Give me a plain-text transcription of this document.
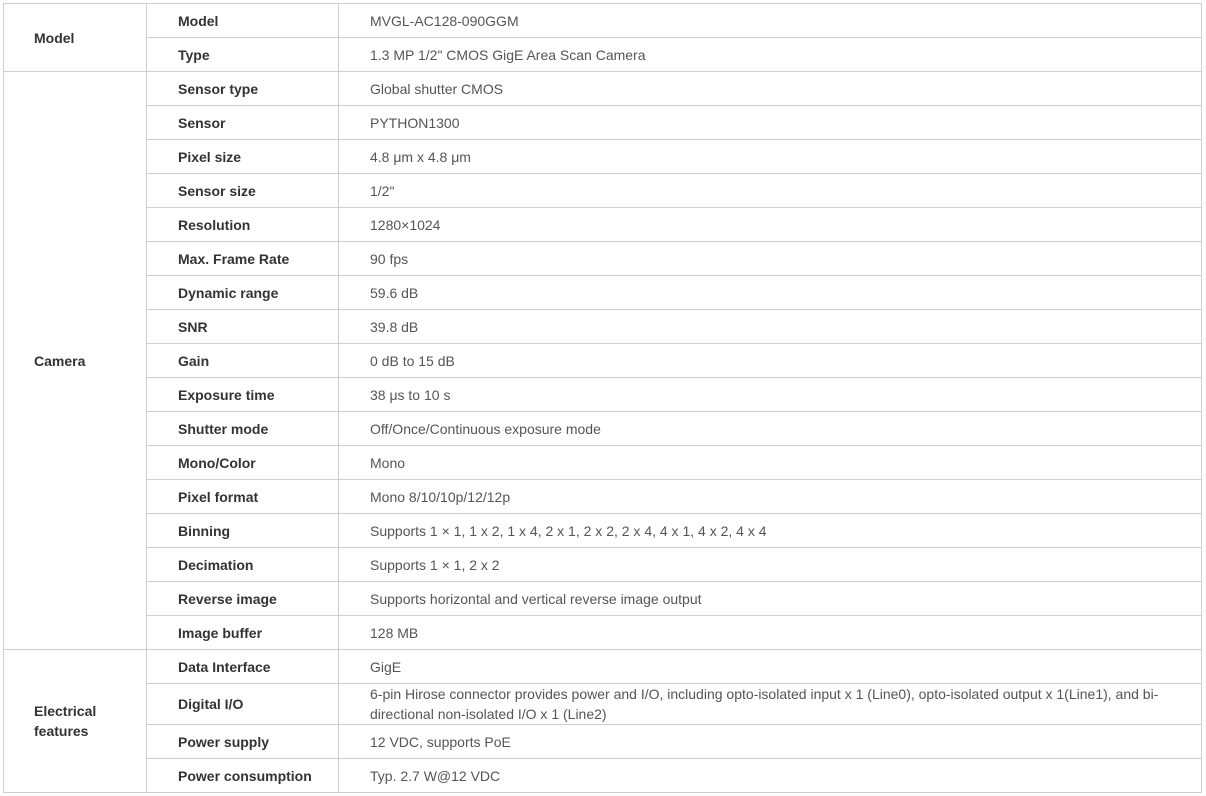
Model	Model	MVGL-AC128-090GGM
	Type	1.3 MP 1/2" CMOS GigE Area Scan Camera
Camera	Sensor type	Global shutter CMOS
	Sensor	PYTHON1300
	Pixel size	4.8 μm x 4.8 μm
	Sensor size	1/2"
	Resolution	1280×1024
	Max. Frame Rate	90 fps
	Dynamic range	59.6 dB
	SNR	39.8 dB
	Gain	0 dB to 15 dB
	Exposure time	38 μs to 10 s
	Shutter mode	Off/Once/Continuous exposure mode
	Mono/Color	Mono
	Pixel format	Mono 8/10/10p/12/12p
	Binning	Supports 1 × 1, 1 x 2, 1 x 4, 2 x 1, 2 x 2, 2 x 4, 4 x 1, 4 x 2, 4 x 4
	Decimation	Supports 1 × 1, 2 x 2
	Reverse image	Supports horizontal and vertical reverse image output
	Image buffer	128 MB
Electrical features	Data Interface	GigE
	Digital I/O	6-pin Hirose connector provides power and I/O, including opto-isolated input x 1 (Line0), opto-isolated output x 1(Line1), and bi-directional non-isolated I/O x 1 (Line2)
	Power supply	12 VDC, supports PoE
	Power consumption	Typ. 2.7 W@12 VDC
